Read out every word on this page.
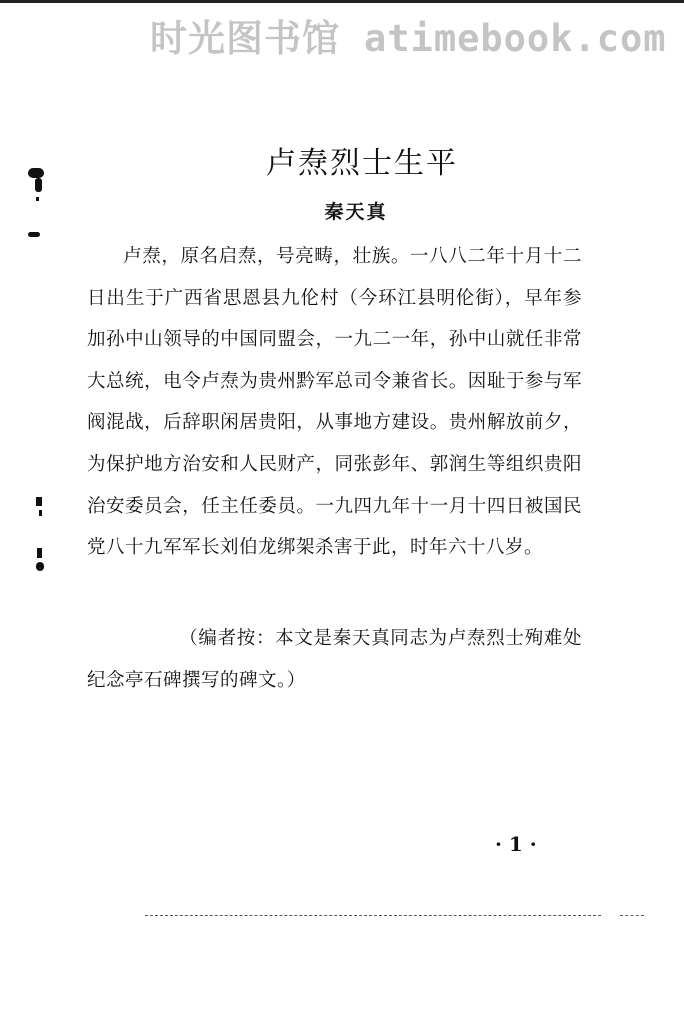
时光图书馆 atimebook.com
卢焘烈士生平
秦天真
卢焘，原名启焘，号亮畴，壮族。一八八二年十月十二日出生于广西省思恩县九伦村（今环江县明伦街），早年参加孙中山领导的中国同盟会，一九二一年，孙中山就任非常大总统，电令卢焘为贵州黔军总司令兼省长。因耻于参与军阀混战，后辞职闲居贵阳，从事地方建设。贵州解放前夕，为保护地方治安和人民财产，同张彭年、郭润生等组织贵阳治安委员会，任主任委员。一九四九年十一月十四日被国民党八十九军军长刘伯龙绑架杀害于此，时年六十八岁。
（编者按：本文是秦天真同志为卢焘烈士殉难处纪念亭石碑撰写的碑文。）
· 1 ·
